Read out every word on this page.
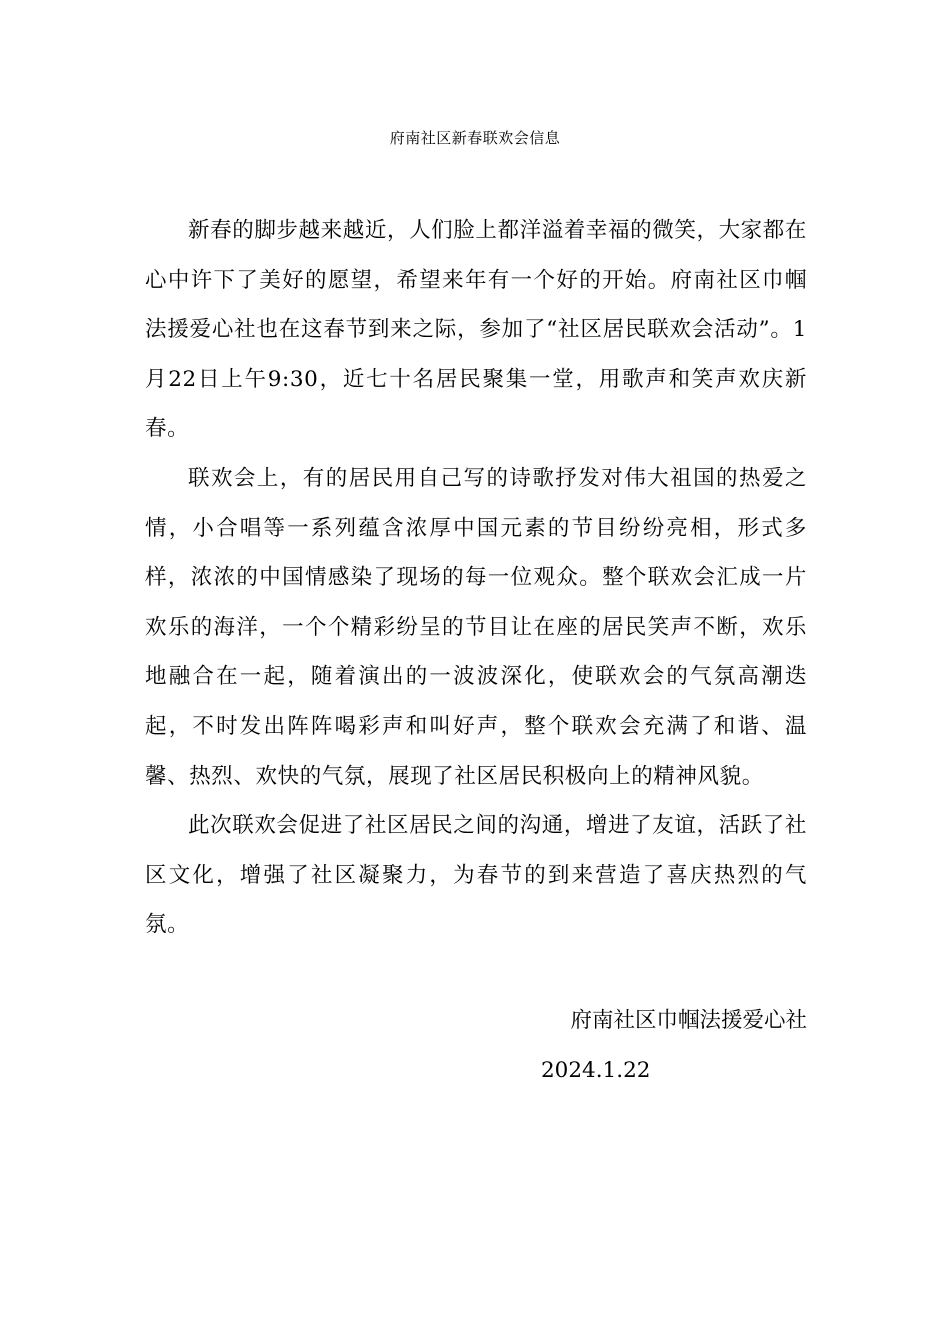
府南社区新春联欢会信息

新春的脚步越来越近，人们脸上都洋溢着幸福的微笑，大家都在心中许下了美好的愿望，希望来年有一个好的开始。府南社区巾帼法援爱心社也在这春节到来之际，参加了“社区居民联欢会活动”。1月22日上午9:30，近七十名居民聚集一堂，用歌声和笑声欢庆新春。

联欢会上，有的居民用自己写的诗歌抒发对伟大祖国的热爱之情，小合唱等一系列蕴含浓厚中国元素的节目纷纷亮相，形式多样，浓浓的中国情感染了现场的每一位观众。整个联欢会汇成一片欢乐的海洋，一个个精彩纷呈的节目让在座的居民笑声不断，欢乐地融合在一起，随着演出的一波波深化，使联欢会的气氛高潮迭起，不时发出阵阵喝彩声和叫好声，整个联欢会充满了和谐、温馨、热烈、欢快的气氛，展现了社区居民积极向上的精神风貌。

此次联欢会促进了社区居民之间的沟通，增进了友谊，活跃了社区文化，增强了社区凝聚力，为春节的到来营造了喜庆热烈的气氛。

府南社区巾帼法援爱心社
2024.1.22
